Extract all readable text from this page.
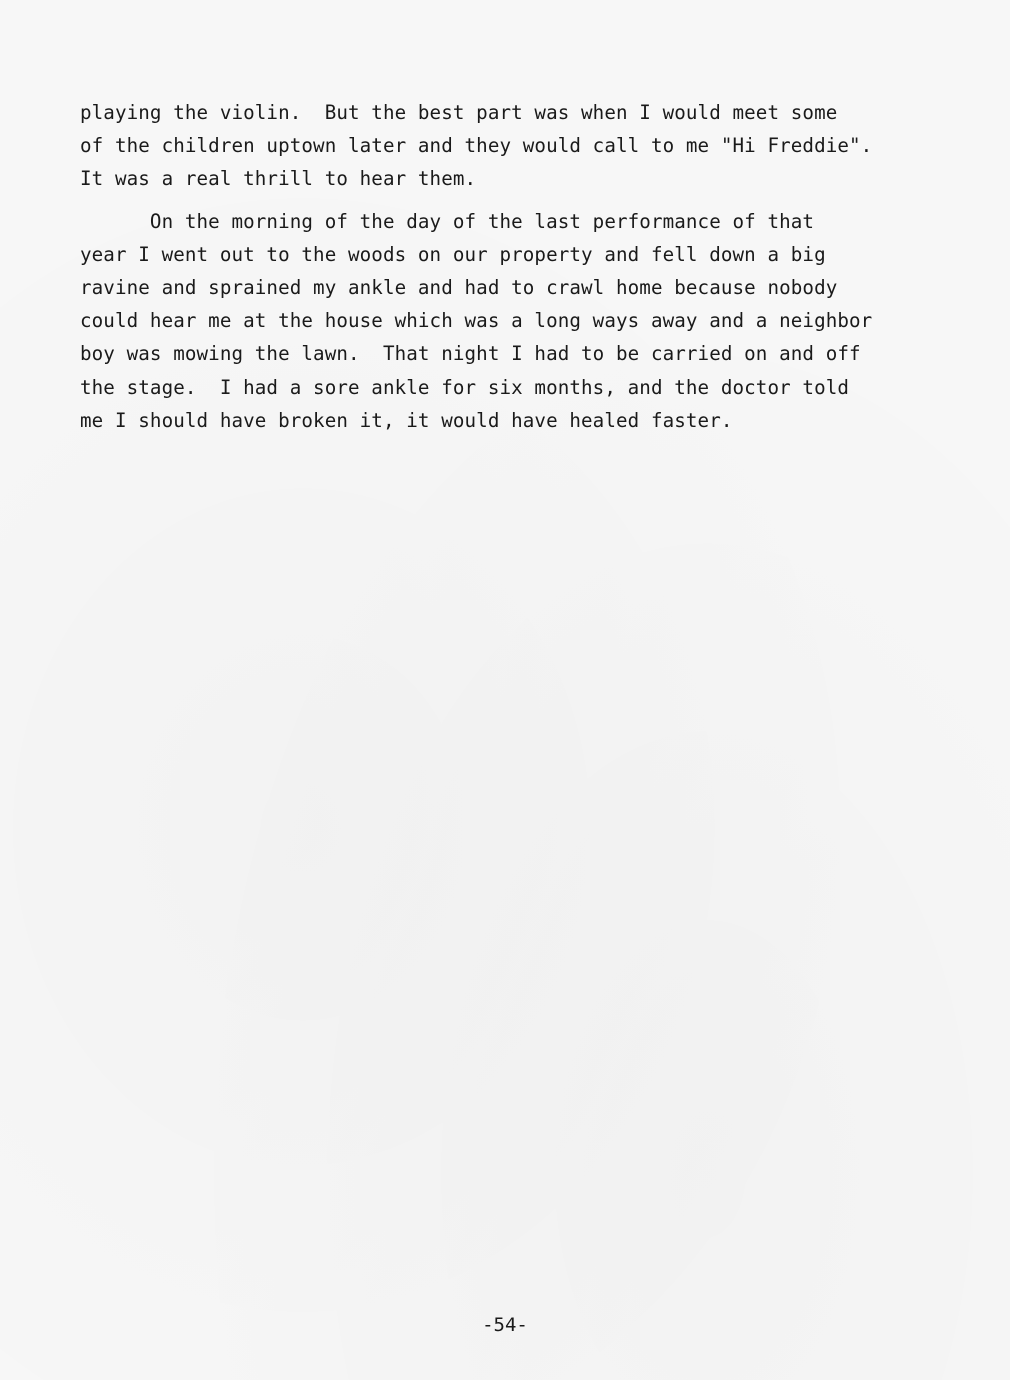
playing the violin.  But the best part was when I would meet some
of the children uptown later and they would call to me "Hi Freddie".
It was a real thrill to hear them.
On the morning of the day of the last performance of that
year I went out to the woods on our property and fell down a big
ravine and sprained my ankle and had to crawl home because nobody
could hear me at the house which was a long ways away and a neighbor
boy was mowing the lawn.  That night I had to be carried on and off
the stage.  I had a sore ankle for six months, and the doctor told
me I should have broken it, it would have healed faster.
-54-
